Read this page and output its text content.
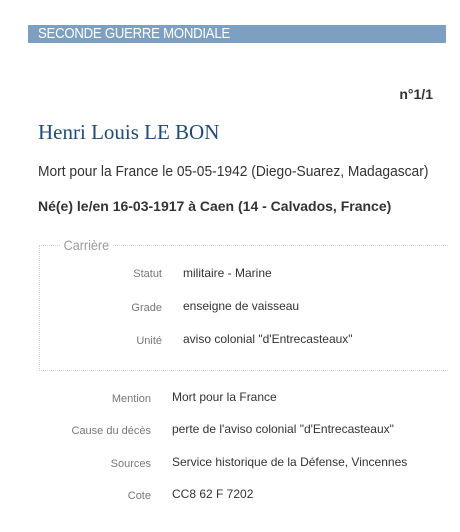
SECONDE GUERRE MONDIALE
n°1/1
Henri Louis LE BON
Mort pour la France le 05-05-1942 (Diego-Suarez, Madagascar)
Né(e) le/en 16-03-1917 à Caen (14 - Calvados, France)
Carrière
Statut militaire - Marine
Grade enseigne de vaisseau
Unité aviso colonial "d'Entrecasteaux"
Mention Mort pour la France
Cause du décès perte de l'aviso colonial "d'Entrecasteaux"
Sources Service historique de la Défense, Vincennes
Cote CC8 62 F 7202
